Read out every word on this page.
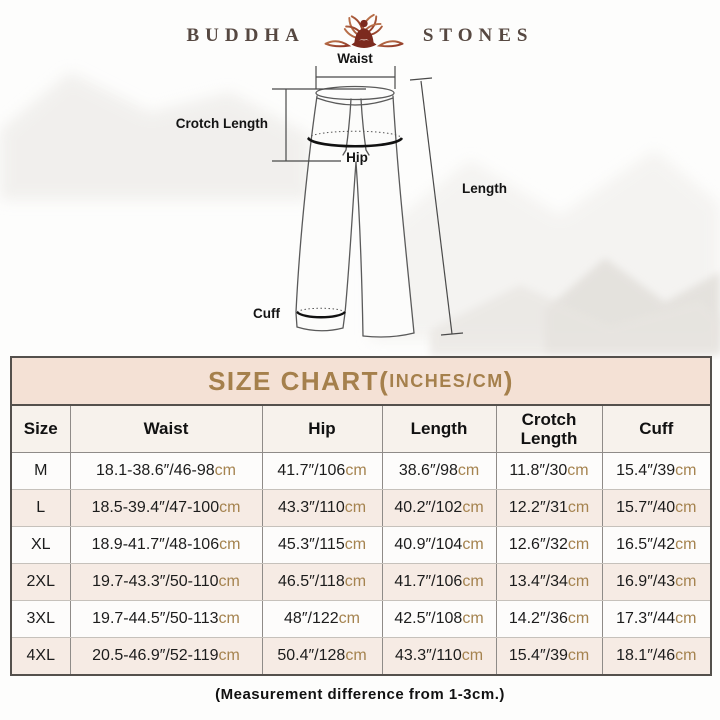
BUDDHA	STONES
Waist
Crotch Length
Hip
Length
Cuff
SIZE CHART( INCHES/CM )
Size	Waist	Hip	Length	Crotch Length	Cuff
M	18.1-38.6″/46-98cm	41.7″/106cm	38.6″/98cm	11.8″/30cm	15.4″/39cm
L	18.5-39.4″/47-100cm	43.3″/110cm	40.2″/102cm	12.2″/31cm	15.7″/40cm
XL	18.9-41.7″/48-106cm	45.3″/115cm	40.9″/104cm	12.6″/32cm	16.5″/42cm
2XL	19.7-43.3″/50-110cm	46.5″/118cm	41.7″/106cm	13.4″/34cm	16.9″/43cm
3XL	19.7-44.5″/50-113cm	48″/122cm	42.5″/108cm	14.2″/36cm	17.3″/44cm
4XL	20.5-46.9″/52-119cm	50.4″/128cm	43.3″/110cm	15.4″/39cm	18.1″/46cm
(Measurement difference from 1-3cm.)
